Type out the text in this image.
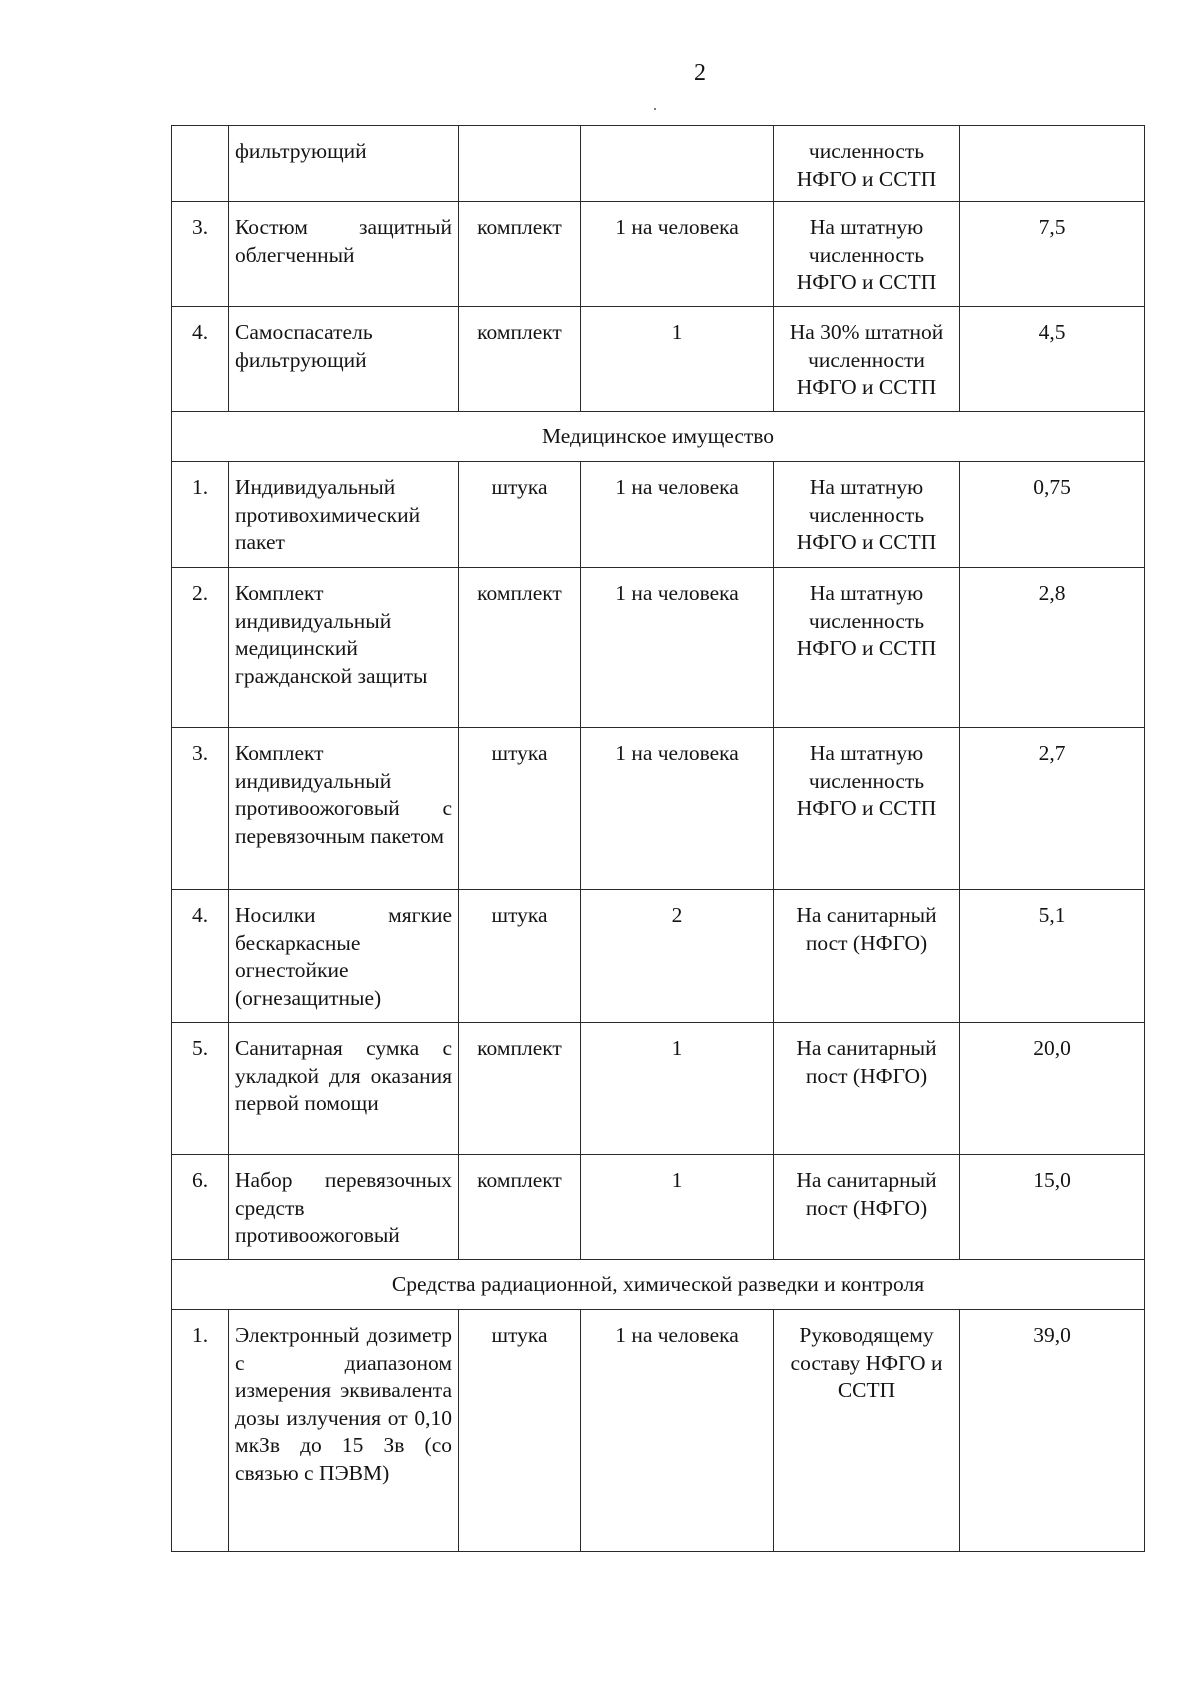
2
	фильтрующий			численность НФГО и ССТП	
3.	Костюм защитный облегченный	комплект	1 на человека	На штатную численность НФГО и ССТП	7,5
4.	Самоспасатель фильтрующий	комплект	1	На 30% штатной численности НФГО и ССТП	4,5
Медицинское имущество					
1.	Индивидуальный противохимический пакет	штука	1 на человека	На штатную численность НФГО и ССТП	0,75
2.	Комплект индивидуальный медицинский гражданской защиты	комплект	1 на человека	На штатную численность НФГО и ССТП	2,8
3.	Комплект индивидуальный противоожоговый с перевязочным пакетом	штука	1 на человека	На штатную численность НФГО и ССТП	2,7
4.	Носилки мягкие бескаркасные огнестойкие (огнезащитные)	штука	2	На санитарный пост (НФГО)	5,1
5.	Санитарная сумка с укладкой для оказания первой помощи	комплект	1	На санитарный пост (НФГО)	20,0
6.	Набор перевязочных средств противоожоговый	комплект	1	На санитарный пост (НФГО)	15,0
Средства радиационной, химической разведки и контроля					
1.	Электронный дозиметр с диапазоном измерения эквивалента дозы излучения от 0,10 мкЗв до 15 Зв (со связью с ПЭВМ)	штука	1 на человека	Руководящему составу НФГО и ССТП	39,0
